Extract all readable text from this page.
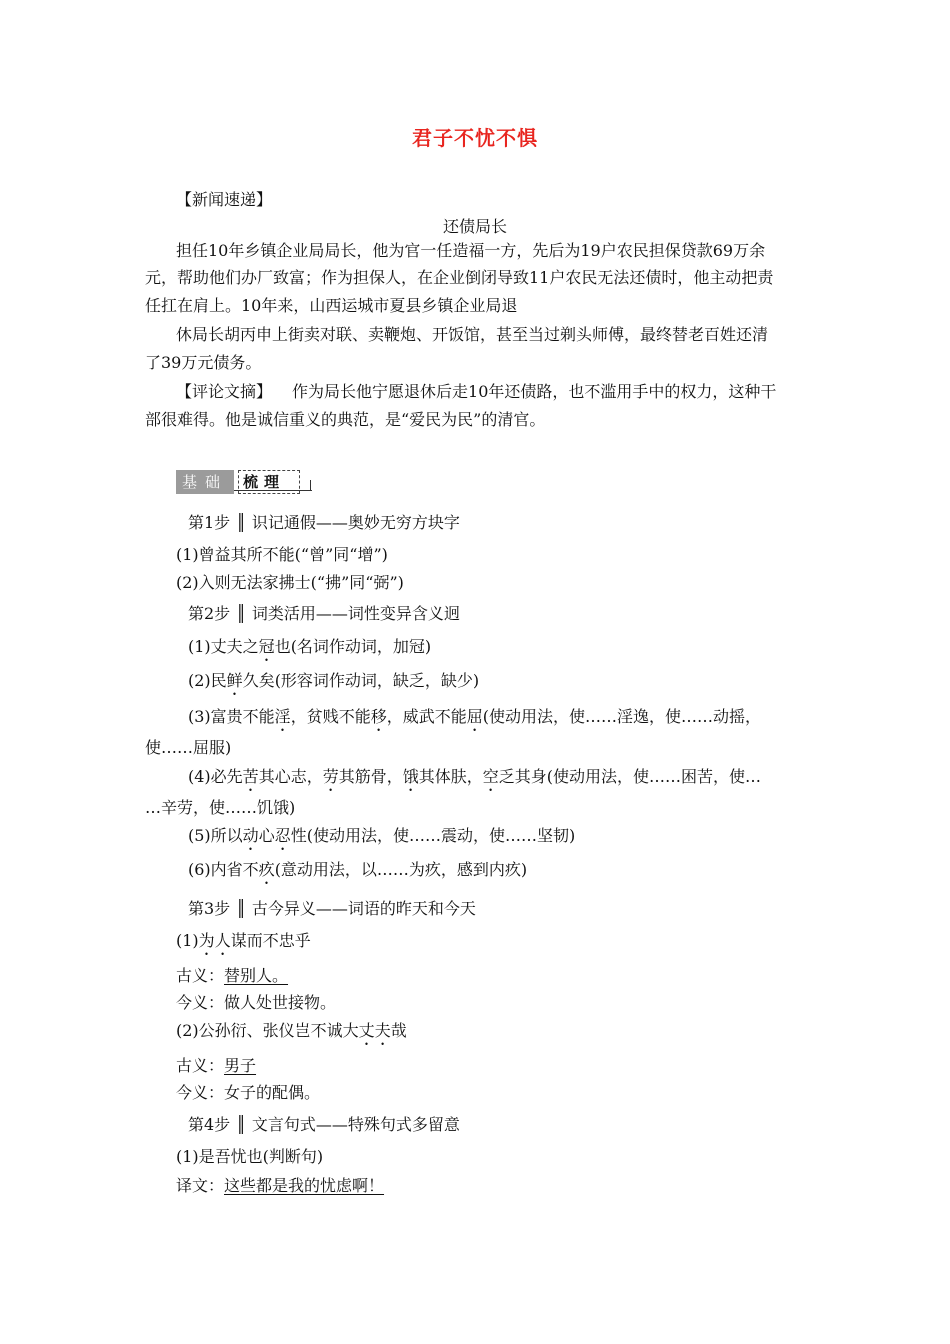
君子不忧不惧
【新闻速递】
还债局长
担任10年乡镇企业局局长，他为官一任造福一方，先后为19户农民担保贷款69万余
元，帮助他们办厂致富；作为担保人，在企业倒闭导致11户农民无法还债时，他主动把责
任扛在肩上。10年来，山西运城市夏县乡镇企业局退
休局长胡丙申上街卖对联、卖鞭炮、开饭馆，甚至当过剃头师傅，最终替老百姓还清
了39万元债务。
【评论文摘】 作为局长他宁愿退休后走10年还债路，也不滥用手中的权力，这种干
部很难得。他是诚信重义的典范，是“爱民为民”的清官。
基础 梳理
第1步 ║ 识记通假——奥妙无穷方块字
(1)曾益其所不能(“曾”同“增”)
(2)入则无法家拂士(“拂”同“弼”)
第2步 ║ 词类活用——词性变异含义迥
(1)丈夫之冠也(名词作动词，加冠)
(2)民鲜久矣(形容词作动词，缺乏，缺少)
(3)富贵不能淫，贫贱不能移，威武不能屈(使动用法，使……淫逸，使……动摇，
使……屈服)
(4)必先苦其心志，劳其筋骨，饿其体肤，空乏其身(使动用法，使……困苦，使…
…辛劳，使……饥饿)
(5)所以动心忍性(使动用法，使……震动，使……坚韧)
(6)内省不疚(意动用法，以……为疚，感到内疚)
第3步 ║ 古今异义——词语的昨天和今天
(1)为人谋而不忠乎
古义：替别人。
今义：做人处世接物。
(2)公孙衍、张仪岂不诚大丈夫哉
古义：男子
今义：女子的配偶。
第4步 ║ 文言句式——特殊句式多留意
(1)是吾忧也(判断句)
译文：这些都是我的忧虑啊！
